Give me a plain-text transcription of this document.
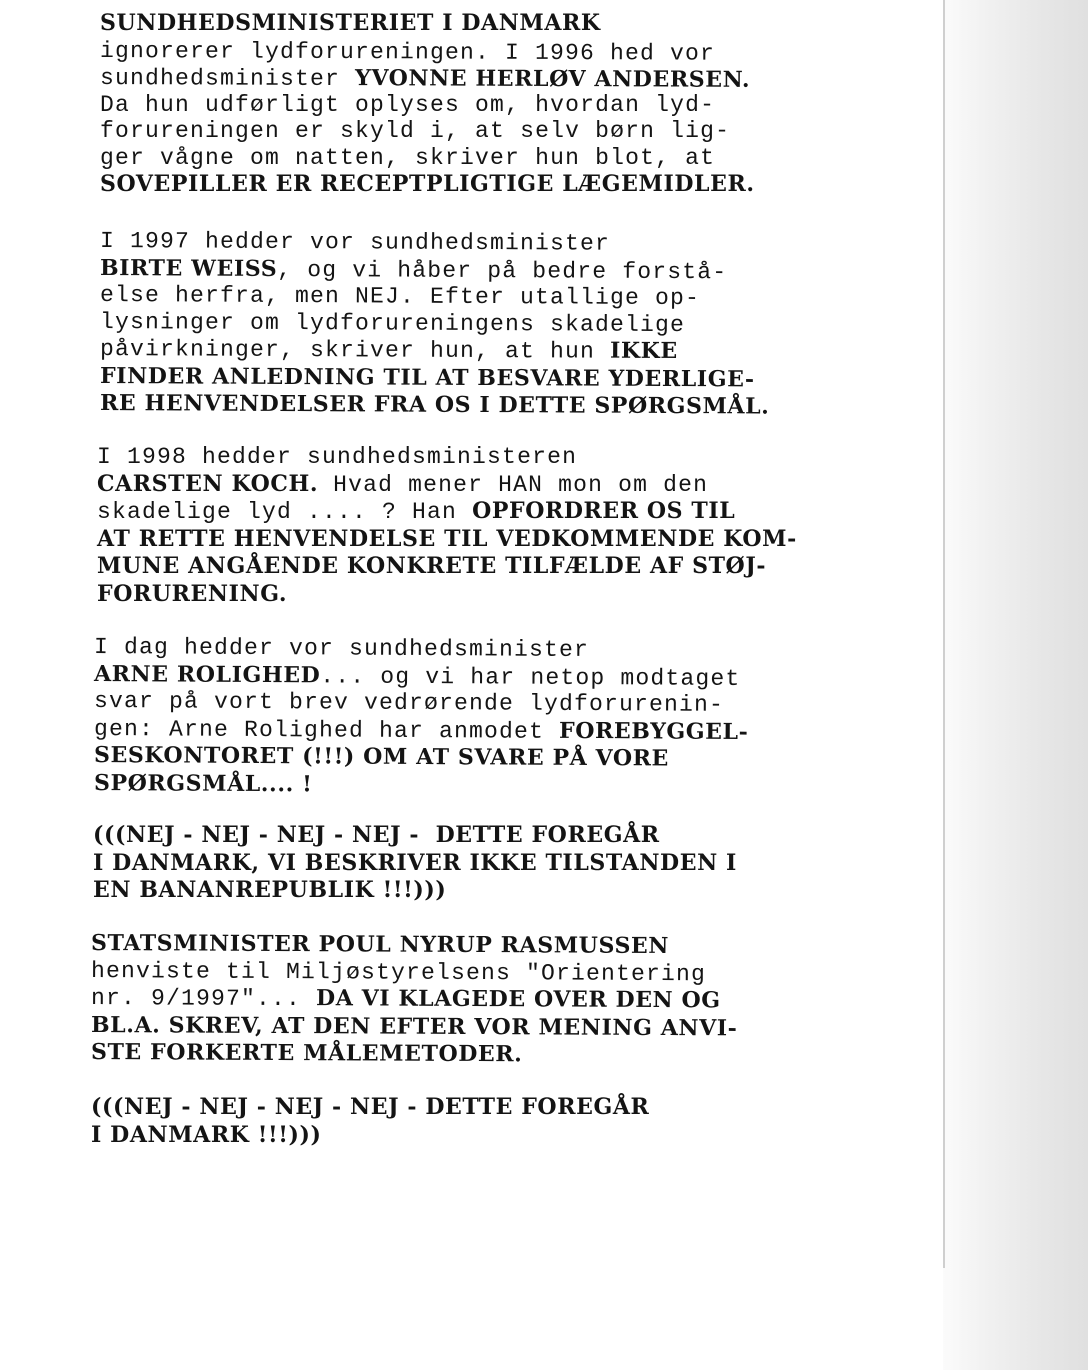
SUNDHEDSMINISTERIET I DANMARK
ignorerer lydforureningen. I 1996 hed vor
sundhedsminister YVONNE HERLØV ANDERSEN.
Da hun udførligt oplyses om, hvordan lyd-
forureningen er skyld i, at selv børn lig-
ger vågne om natten, skriver hun blot, at
SOVEPILLER ER RECEPTPLIGTIGE LÆGEMIDLER.
I 1997 hedder vor sundhedsminister
BIRTE WEISS, og vi håber på bedre forstå-
else herfra, men NEJ. Efter utallige op-
lysninger om lydforureningens skadelige
påvirkninger, skriver hun, at hun IKKE
FINDER ANLEDNING TIL AT BESVARE YDERLIGE-
RE HENVENDELSER FRA OS I DETTE SPØRGSMÅL.
I 1998 hedder sundhedsministeren
CARSTEN KOCH. Hvad mener HAN mon om den
skadelige lyd .... ? Han OPFORDRER OS TIL
AT RETTE HENVENDELSE TIL VEDKOMMENDE KOM-
MUNE ANGÅENDE KONKRETE TILFÆLDE AF STØJ-
FORURENING.
I dag hedder vor sundhedsminister
ARNE ROLIGHED... og vi har netop modtaget
svar på vort brev vedrørende lydforurenin-
gen: Arne Rolighed har anmodet FOREBYGGEL-
SESKONTORET (!!!) OM AT SVARE PÅ VORE
SPØRGSMÅL.... !
(((NEJ - NEJ - NEJ - NEJ -  DETTE FOREGÅR
I DANMARK, VI BESKRIVER IKKE TILSTANDEN I
EN BANANREPUBLIK !!!)))
STATSMINISTER POUL NYRUP RASMUSSEN
henviste til Miljøstyrelsens "Orientering
nr. 9/1997"... DA VI KLAGEDE OVER DEN OG
BL.A. SKREV, AT DEN EFTER VOR MENING ANVI-
STE FORKERTE MÅLEMETODER.
(((NEJ - NEJ - NEJ - NEJ - DETTE FOREGÅR
I DANMARK !!!)))
